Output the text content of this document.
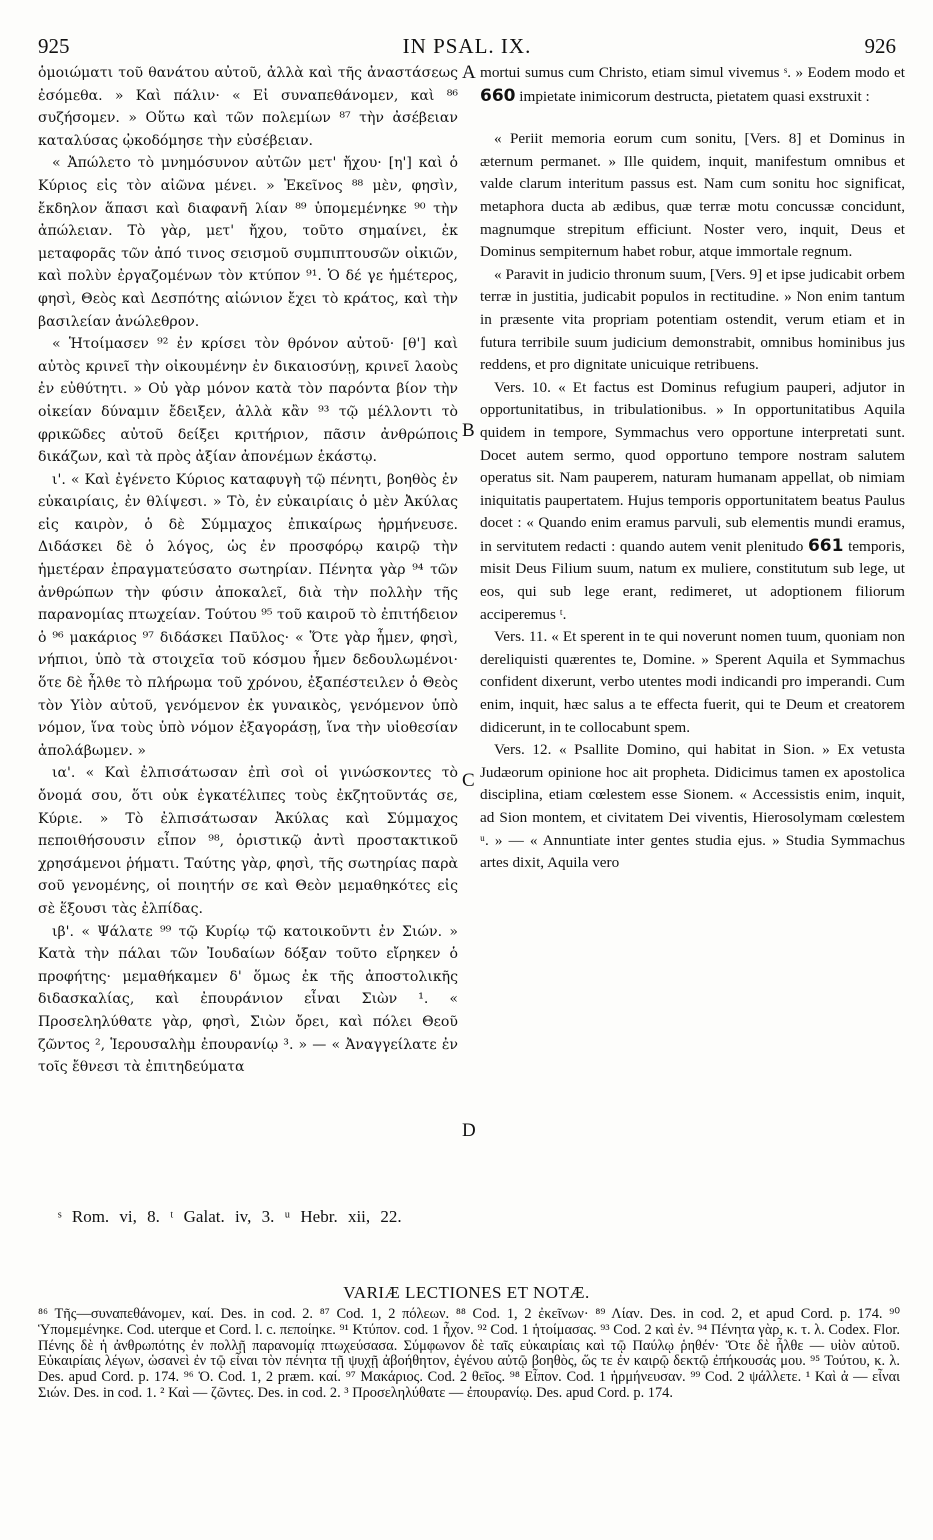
925	IN PSAL. IX.	926

ὁμοιώματι τοῦ θανάτου αὐτοῦ, ἀλλὰ καὶ τῆς ἀναστάσεως ἐσόμεθα. » Καὶ πάλιν· « Εἰ συναπεθάνομεν, καὶ ⁸⁶ συζήσομεν. » Οὕτω καὶ τῶν πολεμίων ⁸⁷ τὴν ἀσέβειαν καταλύσας ᾠκοδόμησε τὴν εὐσέβειαν.

« Ἀπώλετο τὸ μνημόσυνον αὐτῶν μετ' ἤχου· [η'] καὶ ὁ Κύριος εἰς τὸν αἰῶνα μένει. » Ἐκεῖνος ⁸⁸ μὲν, φησὶν, ἔκδηλον ἅπασι καὶ διαφανῆ λίαν ⁸⁹ ὑπομεμένηκε ⁹⁰ τὴν ἀπώλειαν. Τὸ γὰρ, μετ' ἤχου, τοῦτο σημαίνει, ἐκ μεταφορᾶς τῶν ἀπό τινος σεισμοῦ συμπιπτουσῶν οἰκιῶν, καὶ πολὺν ἐργαζομένων τὸν κτύπον ⁹¹. Ὁ δέ γε ἡμέτερος, φησὶ, Θεὸς καὶ Δεσπότης αἰώνιον ἔχει τὸ κράτος, καὶ τὴν βασιλείαν ἀνώλεθρον.

« Ἡτοίμασεν ⁹² ἐν κρίσει τὸν θρόνον αὐτοῦ· [θ'] καὶ αὐτὸς κρινεῖ τὴν οἰκουμένην ἐν δικαιοσύνῃ, κρινεῖ λαοὺς ἐν εὐθύτητι. » Οὐ γὰρ μόνον κατὰ τὸν παρόντα βίον τὴν οἰκείαν δύναμιν ἔδειξεν, ἀλλὰ κἂν ⁹³ τῷ μέλλοντι τὸ φρικῶδες αὐτοῦ δείξει κριτήριον, πᾶσιν ἀνθρώποις δικάζων, καὶ τὰ πρὸς ἀξίαν ἀπονέμων ἑκάστῳ.

ι'. « Καὶ ἐγένετο Κύριος καταφυγὴ τῷ πένητι, βοηθὸς ἐν εὐκαιρίαις, ἐν θλίψεσι. » Τὸ, ἐν εὐκαιρίαις ὁ μὲν Ἀκύλας εἰς καιρὸν, ὁ δὲ Σύμμαχος ἐπικαίρως ἡρμήνευσε. Διδάσκει δὲ ὁ λόγος, ὡς ἐν προσφόρῳ καιρῷ τὴν ἡμετέραν ἐπραγματεύσατο σωτηρίαν. Πένητα γὰρ ⁹⁴ τῶν ἀνθρώπων τὴν φύσιν ἀποκαλεῖ, διὰ τὴν πολλὴν τῆς παρανομίας πτωχείαν. Τούτου ⁹⁵ τοῦ καιροῦ τὸ ἐπιτήδειον ὁ ⁹⁶ μακάριος ⁹⁷ διδάσκει Παῦλος· « Ὅτε γὰρ ἦμεν, φησὶ, νήπιοι, ὑπὸ τὰ στοιχεῖα τοῦ κόσμου ἦμεν δεδουλωμένοι· ὅτε δὲ ἦλθε τὸ πλήρωμα τοῦ χρόνου, ἐξαπέστειλεν ὁ Θεὸς τὸν Υἱὸν αὐτοῦ, γενόμενον ἐκ γυναικὸς, γενόμενον ὑπὸ νόμον, ἵνα τοὺς ὑπὸ νόμον ἐξαγοράσῃ, ἵνα τὴν υἱοθεσίαν ἀπολάβωμεν. »

ια'. « Καὶ ἐλπισάτωσαν ἐπὶ σοὶ οἱ γινώσκοντες τὸ ὄνομά σου, ὅτι οὐκ ἐγκατέλιπες τοὺς ἐκζητοῦντάς σε, Κύριε. » Τὸ ἐλπισάτωσαν Ἀκύλας καὶ Σύμμαχος πεποιθήσουσιν εἶπον ⁹⁸, ὁριστικῷ ἀντὶ προστακτικοῦ χρησάμενοι ῥήματι. Ταύτης γὰρ, φησὶ, τῆς σωτηρίας παρὰ σοῦ γενομένης, οἱ ποιητήν σε καὶ Θεὸν μεμαθηκότες εἰς σὲ ἕξουσι τὰς ἐλπίδας.

ιβ'. « Ψάλατε ⁹⁹ τῷ Κυρίῳ τῷ κατοικοῦντι ἐν Σιών. » Κατὰ τὴν πάλαι τῶν Ἰουδαίων δόξαν τοῦτο εἴρηκεν ὁ προφήτης· μεμαθήκαμεν δ' ὅμως ἐκ τῆς ἀποστολικῆς διδασκαλίας, καὶ ἐπουράνιον εἶναι Σιὼν ¹. « Προσεληλύθατε γὰρ, φησὶ, Σιὼν ὄρει, καὶ πόλει Θεοῦ ζῶντος ², Ἱερουσαλὴμ ἐπουρανίῳ ³. » — « Ἀναγγείλατε ἐν τοῖς ἔθνεσι τὰ ἐπιτηδεύματα

A
B
C
D

mortui sumus cum Christo, etiam simul vivemus ˢ. » Eodem modo et 660 impietate inimicorum destructa, pietatem quasi exstruxit :

« Periit memoria eorum cum sonitu, [Vers. 8] et Dominus in æternum permanet. » Ille quidem, inquit, manifestum omnibus et valde clarum interitum passus est. Nam cum sonitu hoc significat, metaphora ducta ab ædibus, quæ terræ motu concussæ concidunt, magnumque strepitum efficiunt. Noster vero, inquit, Deus et Dominus sempiternum habet robur, atque immortale regnum.

« Paravit in judicio thronum suum, [Vers. 9] et ipse judicabit orbem terræ in justitia, judicabit populos in rectitudine. » Non enim tantum in præsente vita propriam potentiam ostendit, verum etiam et in futura terribile suum judicium demonstrabit, omnibus hominibus jus reddens, et pro dignitate unicuique retribuens.

Vers. 10. « Et factus est Dominus refugium pauperi, adjutor in opportunitatibus, in tribulationibus. » In opportunitatibus Aquila quidem in tempore, Symmachus vero opportune interpretati sunt. Docet autem sermo, quod opportuno tempore nostram salutem operatus sit. Nam pauperem, naturam humanam appellat, ob nimiam iniquitatis paupertatem. Hujus temporis opportunitatem beatus Paulus docet : « Quando enim eramus parvuli, sub elementis mundi eramus, in servitutem redacti : quando autem venit plenitudo 661 temporis, misit Deus Filium suum, natum ex muliere, constitutum sub lege, ut eos, qui sub lege erant, redimeret, ut adoptionem filiorum acciperemus ᵗ.

Vers. 11. « Et sperent in te qui noverunt nomen tuum, quoniam non dereliquisti quærentes te, Domine. » Sperent Aquila et Symmachus confident dixerunt, verbo utentes modi indicandi pro imperandi. Cum enim, inquit, hæc salus a te effecta fuerit, qui te Deum et creatorem didicerunt, in te collocabunt spem.

Vers. 12. « Psallite Domino, qui habitat in Sion. » Ex vetusta Judæorum opinione hoc ait propheta. Didicimus tamen ex apostolica disciplina, etiam cœlestem esse Sionem. « Accessistis enim, inquit, ad Sion montem, et civitatem Dei viventis, Hierosolymam cœlestem ᵘ. » — « Annuntiate inter gentes studia ejus. » Studia Symmachus artes dixit, Aquila vero

ˢ Rom. vi, 8. ᵗ Galat. iv, 3. ᵘ Hebr. xii, 22.
VARIÆ LECTIONES ET NOTÆ.

⁸⁶ Τῆς—συναπεθάνομεν, καί. Des. in cod. 2. ⁸⁷ Cod. 1, 2 πόλεων. ⁸⁸ Cod. 1, 2 ἐκεῖνων· ⁸⁹ Λίαν. Des. in cod. 2, et apud Cord. p. 174. ⁹⁰ Ὑπομεμένηκε. Cod. uterque et Cord. l. c. πεποίηκε. ⁹¹ Κτύπον. cod. 1 ἦχον. ⁹² Cod. 1 ἡτοίμασας. ⁹³ Cod. 2 καὶ ἐν. ⁹⁴ Πένητα γὰρ, κ. τ. λ. Codex. Flor. Πένης δὲ ἡ ἀνθρωπότης ἐν πολλῇ παρανομίᾳ πτωχεύσασα. Σύμφωνον δὲ ταῖς εὐκαιρίαις καὶ τῷ Παύλῳ ῥηθέν· Ὅτε δὲ ἦλθε — υἱὸν αὐτοῦ. Εὐκαιρίαις λέγων, ὡσανεὶ ἐν τῷ εἶναι τὸν πένητα τῇ ψυχῇ ἀβοήθητον, ἐγένου αὐτῷ βοηθὸς, ὥς τε ἐν καιρῷ δεκτῷ ἐπήκουσάς μου. ⁹⁵ Τούτου, κ. λ. Des. apud Cord. p. 174. ⁹⁶ Ὁ. Cod. 1, 2 præm. καί. ⁹⁷ Μακάριος. Cod. 2 θεῖος. ⁹⁸ Εἶπον. Cod. 1 ἡρμήνευσαν. ⁹⁹ Cod. 2 ψάλλετε. ¹ Καὶ ἀ — εἶναι Σιών. Des. in cod. 1. ² Καὶ — ζῶντες. Des. in cod. 2. ³ Προσεληλύθατε — ἐπουρανίῳ. Des. apud Cord. p. 174.
